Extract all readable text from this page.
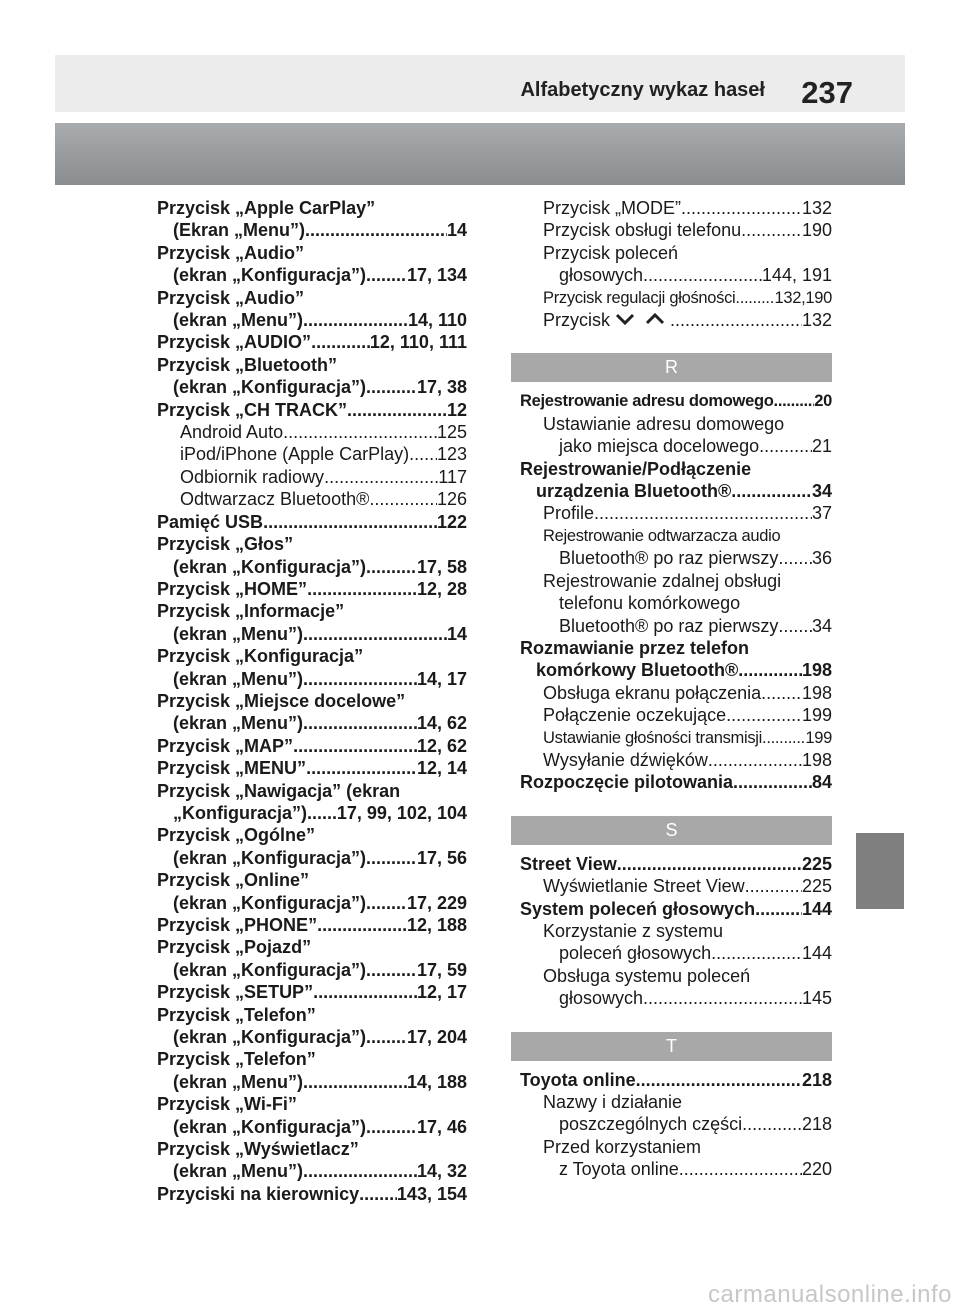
Alfabetyczny wykaz haseł 237
Przycisk „Apple CarPlay”
(Ekran „Menu”) .....	14
Przycisk „Audio”
(ekran „Konfiguracja”) ..... 17, 134
Przycisk „Audio”
(ekran „Menu”) .....	14, 110
Przycisk „AUDIO” .....	12, 110, 111
Przycisk „Bluetooth”
(ekran „Konfiguracja”) .....	17, 38
Przycisk „CH TRACK” .....	12
Android Auto .....	125
iPod/iPhone (Apple CarPlay) ..... 123
Odbiornik radiowy .....	117
Odtwarzacz Bluetooth® .....	126
Pamięć USB .....	122
Przycisk „Głos”
(ekran „Konfiguracja”) .....	17, 58
Przycisk „HOME” .....	12, 28
Przycisk „Informacje”
(ekran „Menu”) .....	14
Przycisk „Konfiguracja”
(ekran „Menu”) .....	14, 17
Przycisk „Miejsce docelowe”
(ekran „Menu”) .....	14, 62
Przycisk „MAP” .....	12, 62
Przycisk „MENU” .....	12, 14
Przycisk „Nawigacja” (ekran
„Konfiguracja”) ..... 17, 99, 102, 104
Przycisk „Ogólne”
(ekran „Konfiguracja”) .....	17, 56
Przycisk „Online”
(ekran „Konfiguracja”) ..... 17, 229
Przycisk „PHONE” .....	12, 188
Przycisk „Pojazd”
(ekran „Konfiguracja”) .....	17, 59
Przycisk „SETUP” .....	12, 17
Przycisk „Telefon”
(ekran „Konfiguracja”) ..... 17, 204
Przycisk „Telefon”
(ekran „Menu”) .....	14, 188
Przycisk „Wi-Fi”
(ekran „Konfiguracja”) .....	17, 46
Przycisk „Wyświetlacz”
(ekran „Menu”) .....	14, 32
Przyciski na kierownicy ..... 143, 154
Przycisk „MODE” .....	132
Przycisk obsługi telefonu .....	190
Przycisk poleceń
głosowych .....	144, 191
Przycisk regulacji głośności ..... 132,190
Przycisk .....	132
R
Rejestrowanie adresu domowego ..... 20
Ustawianie adresu domowego
jako miejsca docelowego .....	21
Rejestrowanie/Podłączenie
urządzenia Bluetooth® .....	34
Profile .....	37
Rejestrowanie odtwarzacza audio
Bluetooth® po raz pierwszy ..... 36
Rejestrowanie zdalnej obsługi
telefonu komórkowego
Bluetooth® po raz pierwszy ..... 34
Rozmawianie przez telefon
komórkowy Bluetooth® .....	198
Obsługa ekranu połączenia ..... 198
Połączenie oczekujące .....	199
Ustawianie głośności transmisji .....	199
Wysyłanie dźwięków .....	198
Rozpoczęcie pilotowania .....	84
S
Street View .....	225
Wyświetlanie Street View .....	225
System poleceń głosowych .....	144
Korzystanie z systemu
poleceń głosowych .....	144
Obsługa systemu poleceń
głosowych .....	145
T
Toyota online .....	218
Nazwy i działanie
poszczególnych części .....	218
Przed korzystaniem
z Toyota online .....	220
carmanualsonline.info
